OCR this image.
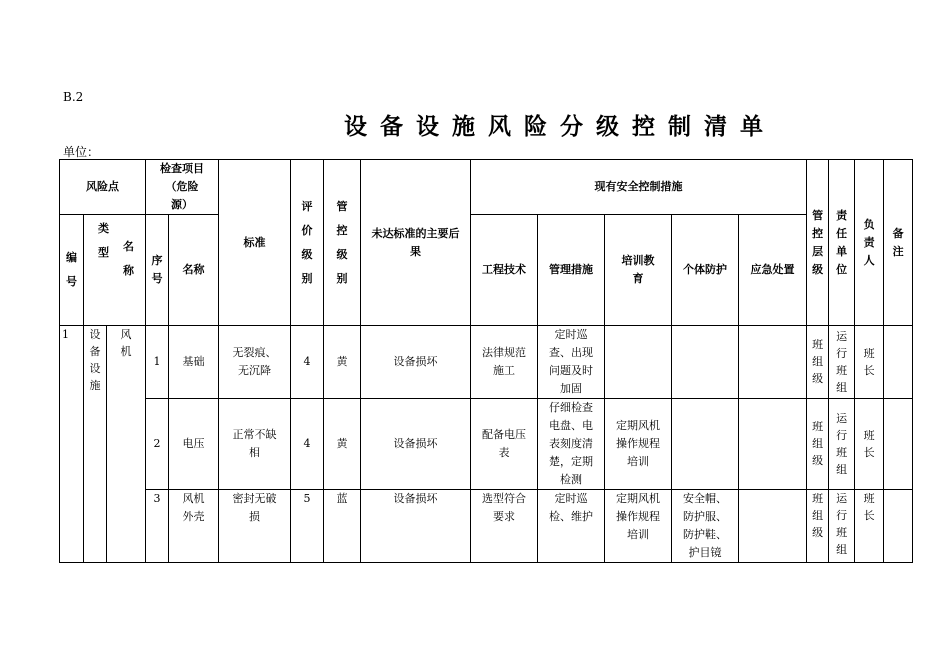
B.2
设备设施风险分级控制清单
单位：
风险点			检查项目（危险源）		标准	评价级别	管控级别	未达标准的主要后果	现有安全控制措施					管控层级	责任单位	负责人	备注
编号	类型 名称		序号	名称					工程技术	管理措施	培训教育	个体防护	应急处置				
1	设备设施	风机	1	基础	无裂痕、无沉降	4	黄	设备损坏	法律规范施工	定时巡查、出现问题及时加固				班组级	运行班组	班长	
			2	电压	正常不缺相	4	黄	设备损坏	配备电压表	仔细检查电盘、电表刻度清楚，定期检测	定期风机操作规程培训			班组级	运行班组	班长	
			3	风机外壳	密封无破损	5	蓝	设备损坏	选型符合要求	定时巡检、维护	定期风机操作规程培训	安全帽、防护服、防护鞋、护目镜		班组级	运行班组	班长	
